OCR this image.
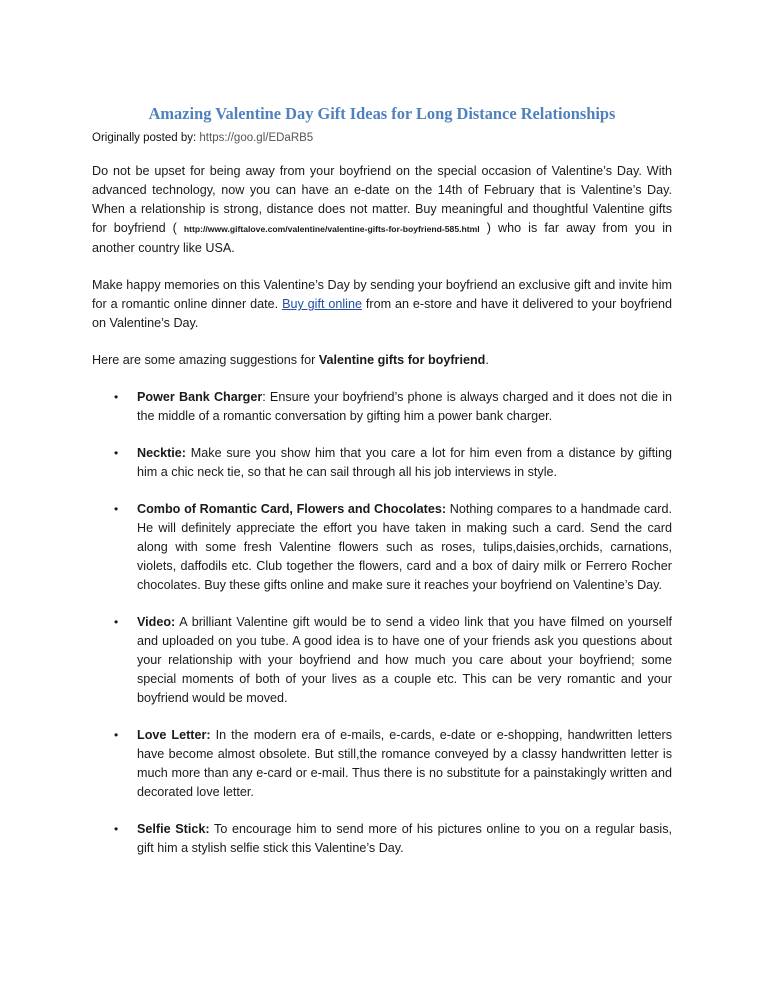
Amazing Valentine Day Gift Ideas for Long Distance Relationships
Originally posted by: https://goo.gl/EDaRB5

Do not be upset for being away from your boyfriend on the special occasion of Valentine’s Day. With advanced technology, now you can have an e-date on the 14th of February that is Valentine’s Day. When a relationship is strong, distance does not matter. Buy meaningful and thoughtful Valentine gifts for boyfriend ( http://www.giftalove.com/valentine/valentine-gifts-for-boyfriend-585.html ) who is far away from you in another country like USA.

Make happy memories on this Valentine’s Day by sending your boyfriend an exclusive gift and invite him for a romantic online dinner date. Buy gift online from an e-store and have it delivered to your boyfriend on Valentine’s Day.

Here are some amazing suggestions for Valentine gifts for boyfriend.

• Power Bank Charger: Ensure your boyfriend’s phone is always charged and it does not die in the middle of a romantic conversation by gifting him a power bank charger.
• Necktie: Make sure you show him that you care a lot for him even from a distance by gifting him a chic neck tie, so that he can sail through all his job interviews in style.
• Combo of Romantic Card, Flowers and Chocolates: Nothing compares to a handmade card. He will definitely appreciate the effort you have taken in making such a card. Send the card along with some fresh Valentine flowers such as roses, tulips,daisies,orchids, carnations, violets, daffodils etc. Club together the flowers, card and a box of dairy milk or Ferrero Rocher chocolates. Buy these gifts online and make sure it reaches your boyfriend on Valentine’s Day.
• Video: A brilliant Valentine gift would be to send a video link that you have filmed on yourself and uploaded on you tube. A good idea is to have one of your friends ask you questions about your relationship with your boyfriend and how much you care about your boyfriend; some special moments of both of your lives as a couple etc. This can be very romantic and your boyfriend would be moved.
• Love Letter: In the modern era of e-mails, e-cards, e-date or e-shopping, handwritten letters have become almost obsolete. But still,the romance conveyed by a classy handwritten letter is much more than any e-card or e-mail. Thus there is no substitute for a painstakingly written and decorated love letter.
• Selfie Stick: To encourage him to send more of his pictures online to you on a regular basis, gift him a stylish selfie stick this Valentine’s Day.
